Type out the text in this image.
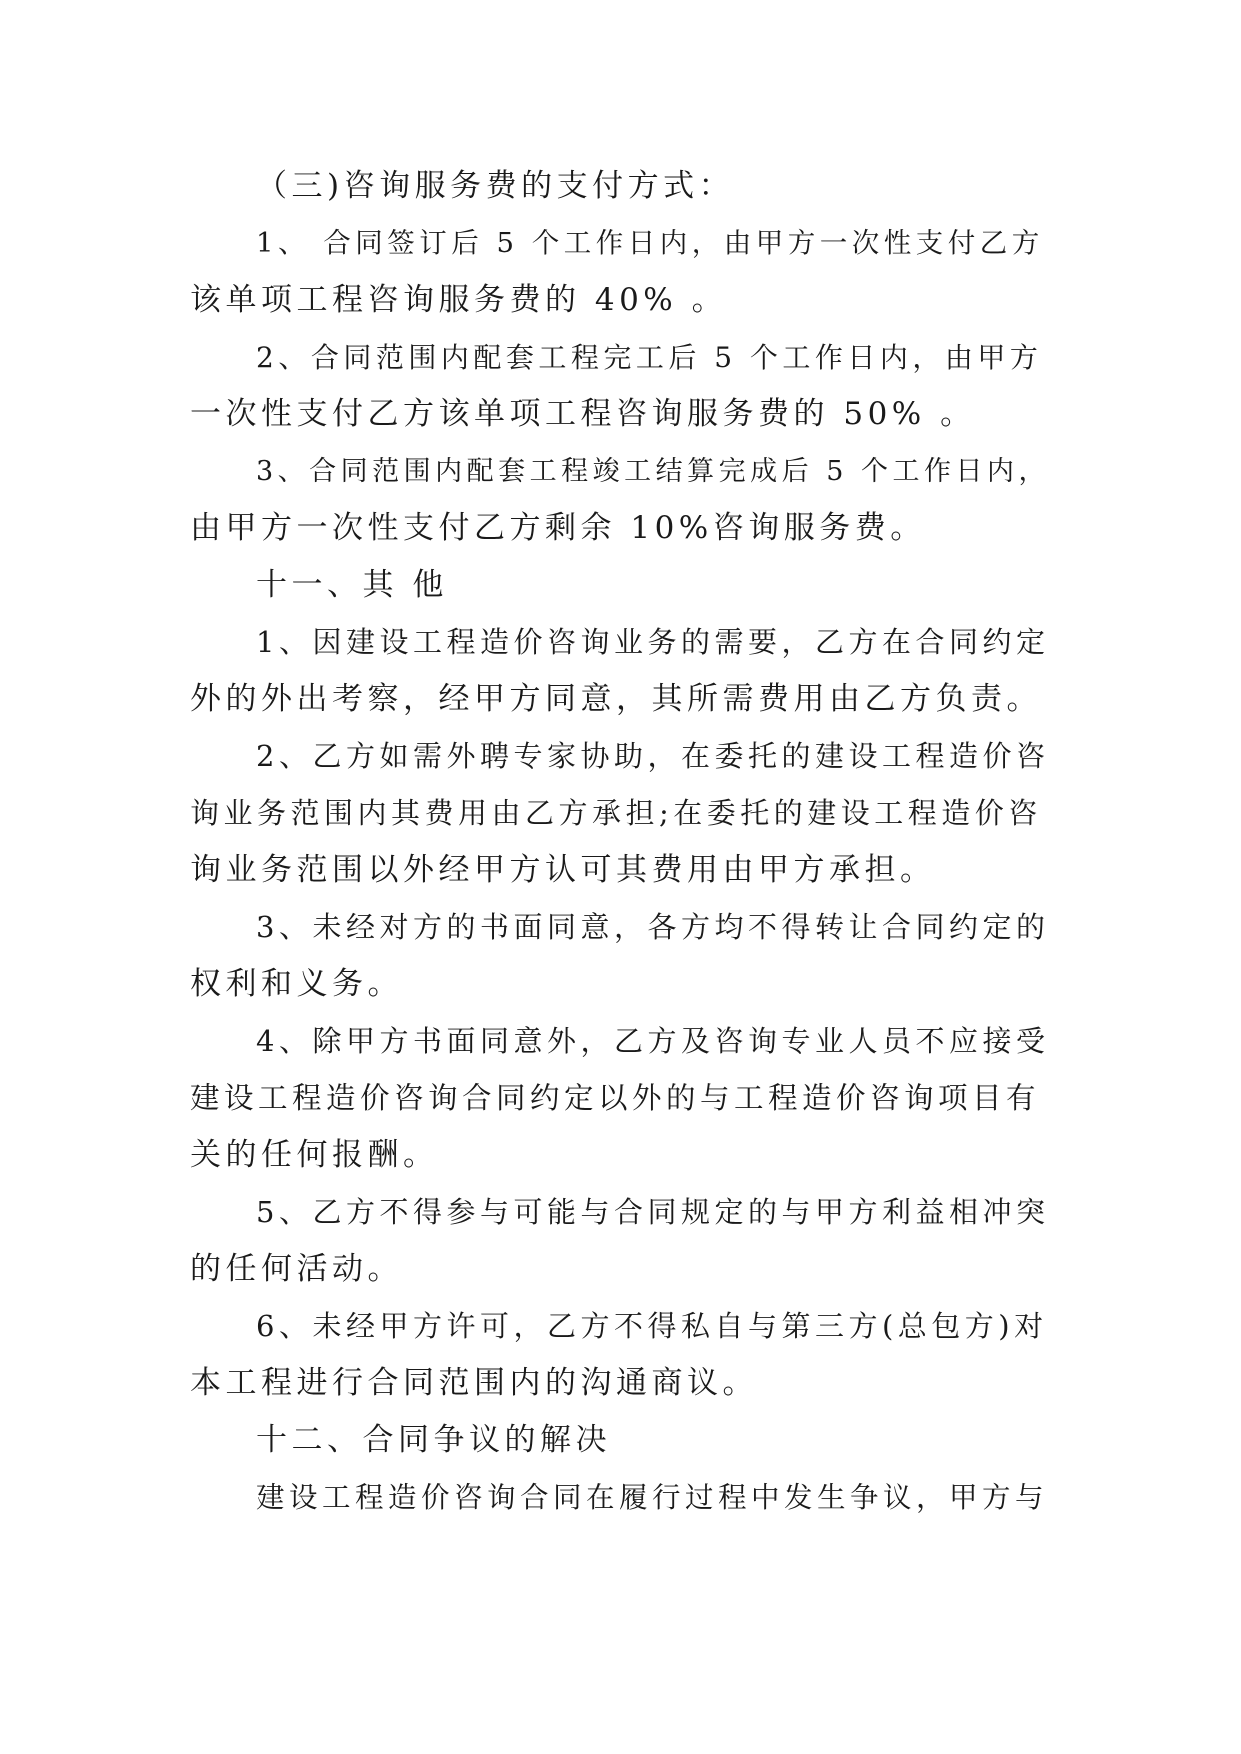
（三)咨询服务费的支付方式：
1、 合同签订后 5 个工作日内，由甲方一次性支付乙方
该单项工程咨询服务费的 40% 。
2、合同范围内配套工程完工后 5 个工作日内，由甲方
一次性支付乙方该单项工程咨询服务费的 50% 。
3、合同范围内配套工程竣工结算完成后 5 个工作日内，
由甲方一次性支付乙方剩余 10%咨询服务费。
十一、其 他
1、因建设工程造价咨询业务的需要，乙方在合同约定
外的外出考察，经甲方同意，其所需费用由乙方负责。
2、乙方如需外聘专家协助，在委托的建设工程造价咨
询业务范围内其费用由乙方承担;在委托的建设工程造价咨
询业务范围以外经甲方认可其费用由甲方承担。
3、未经对方的书面同意，各方均不得转让合同约定的
权利和义务。
4、除甲方书面同意外，乙方及咨询专业人员不应接受
建设工程造价咨询合同约定以外的与工程造价咨询项目有
关的任何报酬。
5、乙方不得参与可能与合同规定的与甲方利益相冲突
的任何活动。
6、未经甲方许可，乙方不得私自与第三方(总包方)对
本工程进行合同范围内的沟通商议。
十二、合同争议的解决
建设工程造价咨询合同在履行过程中发生争议，甲方与
